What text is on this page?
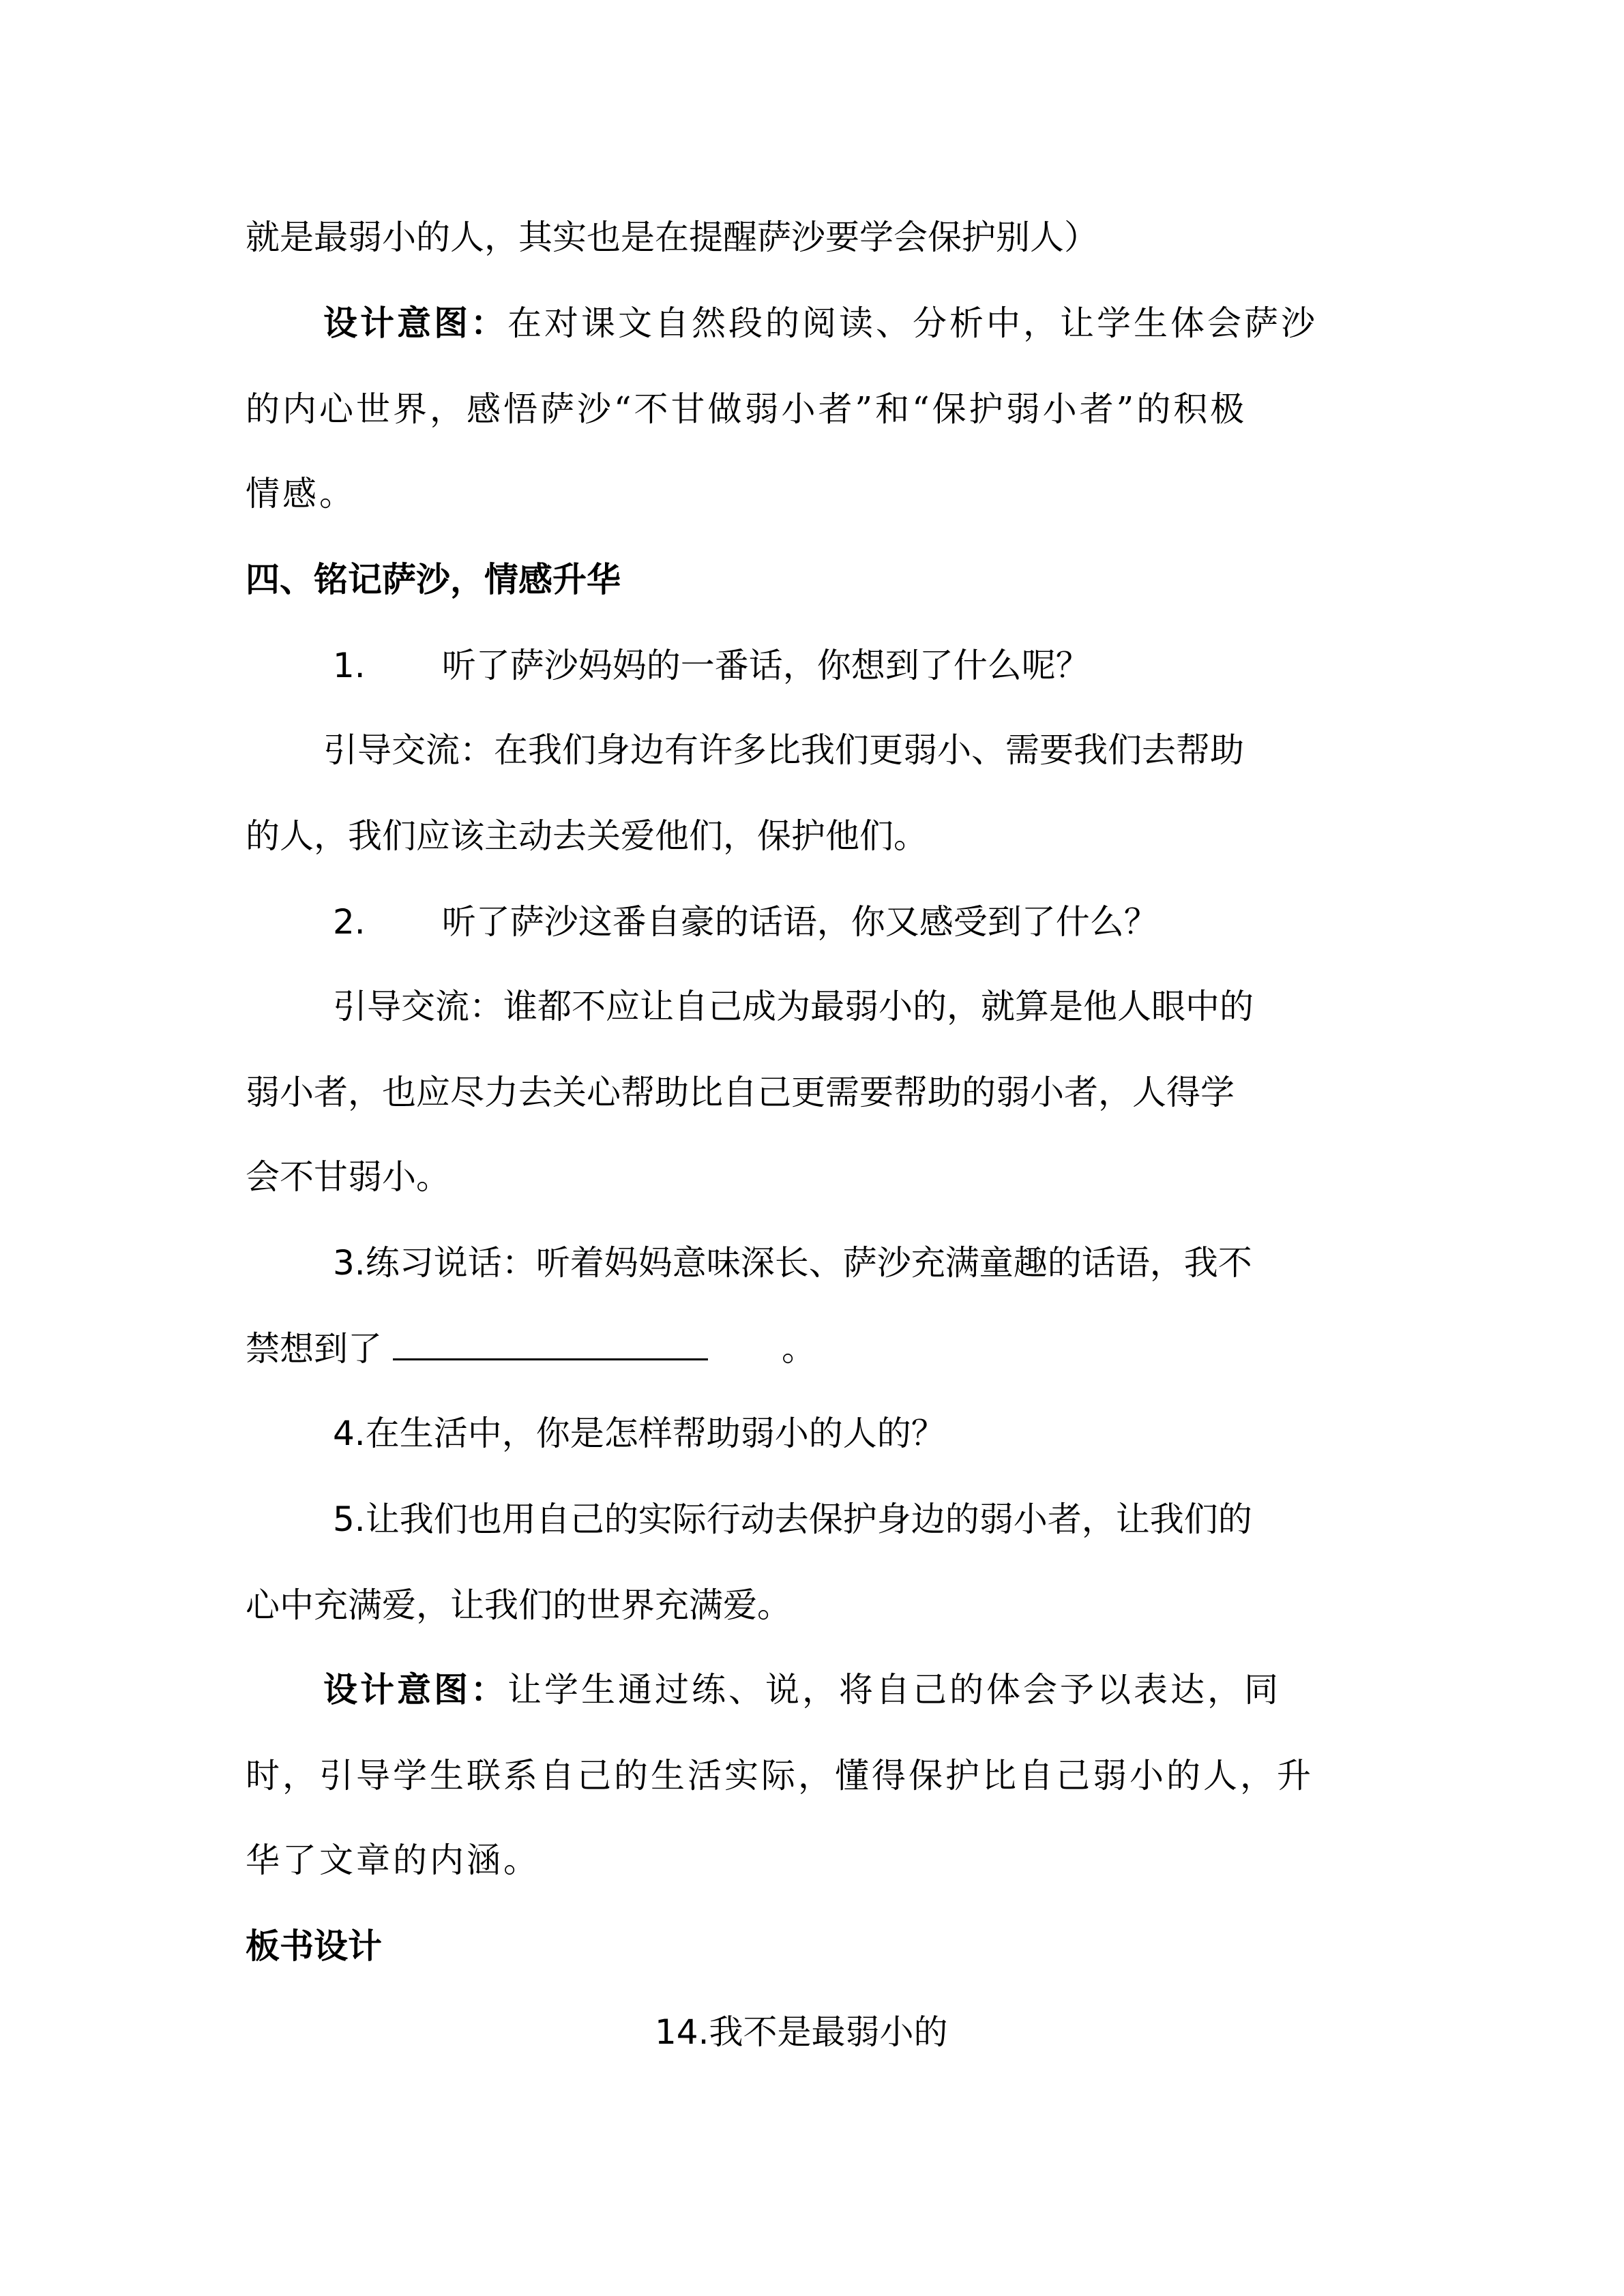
就是最弱小的人，其实也是在提醒萨沙要学会保护别人）
设计意图：在对课文自然段的阅读、分析中，让学生体会萨沙
的内心世界，感悟萨沙“不甘做弱小者”和“保护弱小者”的积极
情感。
四、铭记萨沙，情感升华
1. 听了萨沙妈妈的一番话，你想到了什么呢？
引导交流：在我们身边有许多比我们更弱小、需要我们去帮助
的人，我们应该主动去关爱他们，保护他们。
2. 听了萨沙这番自豪的话语，你又感受到了什么？
引导交流：谁都不应让自己成为最弱小的，就算是他人眼中的
弱小者，也应尽力去关心帮助比自己更需要帮助的弱小者，人得学
会不甘弱小。
3.练习说话：听着妈妈意味深长、萨沙充满童趣的话语，我不
禁想到了	。
4.在生活中，你是怎样帮助弱小的人的？
5.让我们也用自己的实际行动去保护身边的弱小者，让我们的
心中充满爱，让我们的世界充满爱。
设计意图：让学生通过练、说，将自己的体会予以表达，同
时，引导学生联系自己的生活实际，懂得保护比自己弱小的人，升
华了文章的内涵。
板书设计
14.我不是最弱小的
